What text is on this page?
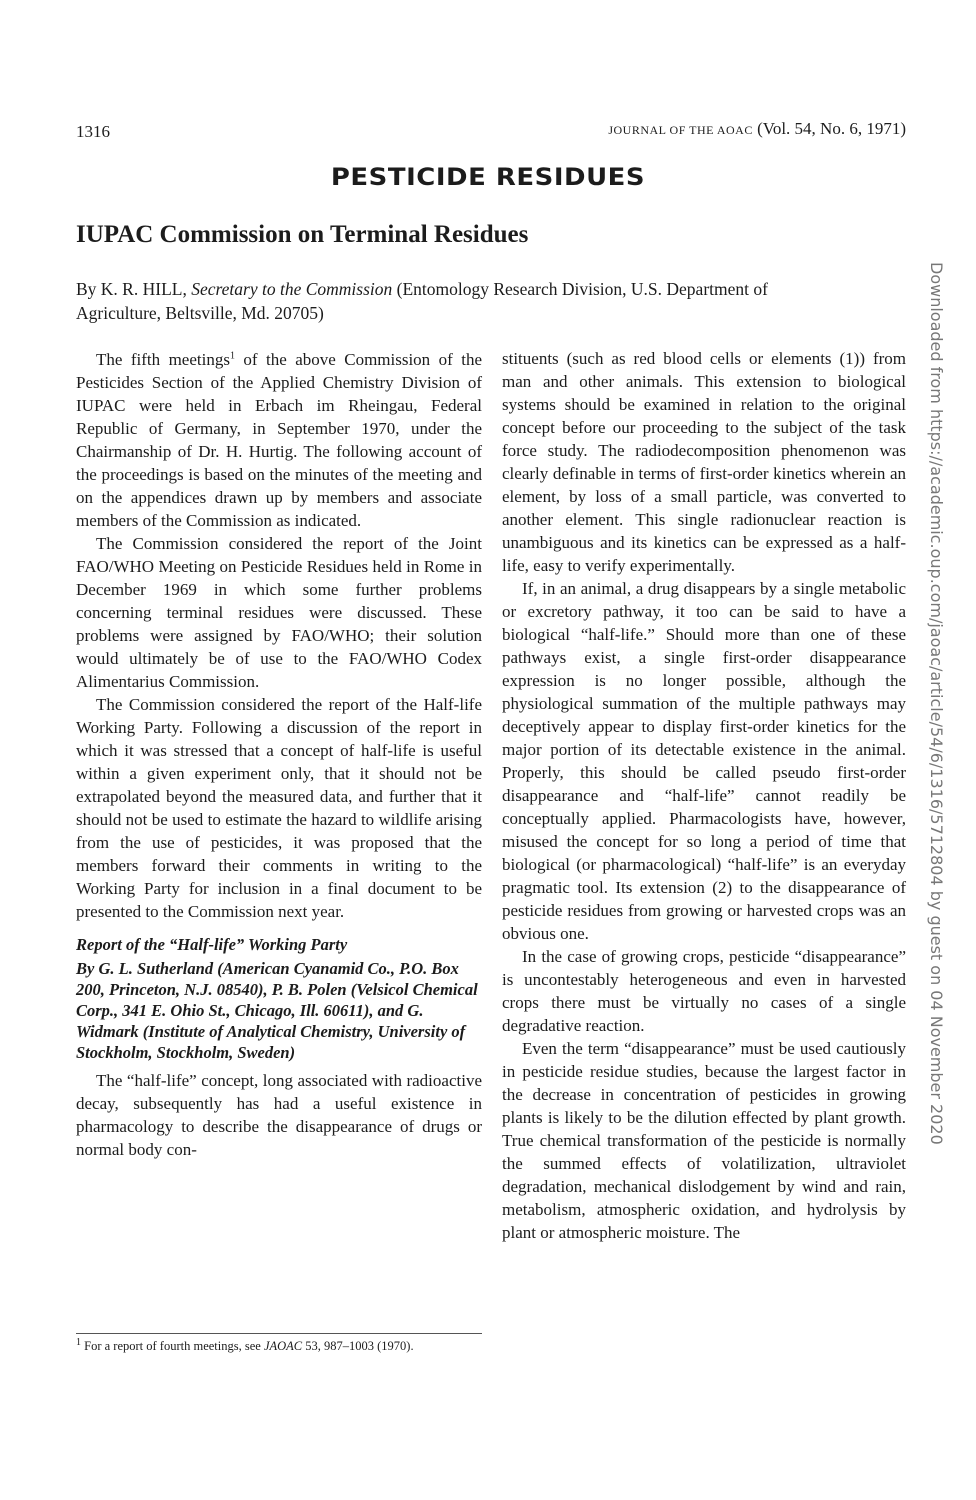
1316	JOURNAL OF THE AOAC (Vol. 54, No. 6, 1971)
PESTICIDE RESIDUES
IUPAC Commission on Terminal Residues
By K. R. HILL, Secretary to the Commission (Entomology Research Division, U.S. Department of Agriculture, Beltsville, Md. 20705)

The fifth meetings$^1$ of the above Commission of the Pesticides Section of the Applied Chemistry Division of IUPAC were held in Erbach im Rheingau, Federal Republic of Germany, in September 1970, under the Chairmanship of Dr. H. Hurtig. The following account of the proceedings is based on the minutes of the meeting and on the appendices drawn up by members and associate members of the Commission as indicated.

The Commission considered the report of the Joint FAO/WHO Meeting on Pesticide Residues held in Rome in December 1969 in which some further problems concerning terminal residues were discussed. These problems were assigned by FAO/WHO; their solution would ultimately be of use to the FAO/WHO Codex Alimentarius Commission.

The Commission considered the report of the Half-life Working Party. Following a discussion of the report in which it was stressed that a concept of half-life is useful within a given experiment only, that it should not be extrapolated beyond the measured data, and further that it should not be used to estimate the hazard to wildlife arising from the use of pesticides, it was proposed that the members forward their comments in writing to the Working Party for inclusion in a final document to be presented to the Commission next year.

Report of the “Half-life” Working Party
By G. L. Sutherland (American Cyanamid Co., P.O. Box 200, Princeton, N.J. 08540), P. B. Polen (Velsicol Chemical Corp., 341 E. Ohio St., Chicago, Ill. 60611), and G. Widmark (Institute of Analytical Chemistry, University of Stockholm, Stockholm, Sweden)

The “half-life” concept, long associated with radioactive decay, subsequently has had a useful existence in pharmacology to describe the disappearance of drugs or normal body con-

stituents (such as red blood cells or elements (1)) from man and other animals. This extension to biological systems should be examined in relation to the original concept before our proceeding to the subject of the task force study. The radiodecomposition phenomenon was clearly definable in terms of first-order kinetics wherein an element, by loss of a small particle, was converted to another element. This single radionuclear reaction is unambiguous and its kinetics can be expressed as a half-life, easy to verify experimentally.

If, in an animal, a drug disappears by a single metabolic or excretory pathway, it too can be said to have a biological “half-life.” Should more than one of these pathways exist, a single first-order disappearance expression is no longer possible, although the physiological summation of the multiple pathways may deceptively appear to display first-order kinetics for the major portion of its detectable existence in the animal. Properly, this should be called pseudo first-order disappearance and “half-life” cannot readily be conceptually applied. Pharmacologists have, however, misused the concept for so long a period of time that biological (or pharmacological) “half-life” is an everyday pragmatic tool. Its extension (2) to the disappearance of pesticide residues from growing or harvested crops was an obvious one.

In the case of growing crops, pesticide “disappearance” is uncontestably heterogeneous and even in harvested crops there must be virtually no cases of a single degradative reaction.

Even the term “disappearance” must be used cautiously in pesticide residue studies, because the largest factor in the decrease in concentration of pesticides in growing plants is likely to be the dilution effected by plant growth. True chemical transformation of the pesticide is normally the summed effects of volatilization, ultraviolet degradation, mechanical dislodgement by wind and rain, metabolism, atmospheric oxidation, and hydrolysis by plant or atmospheric moisture. The

$^1$ For a report of fourth meetings, see JAOAC 53, 987–1003 (1970).
Downloaded from https://academic.oup.com/jaoac/article/54/6/1316/5712804 by guest on 04 November 2020
